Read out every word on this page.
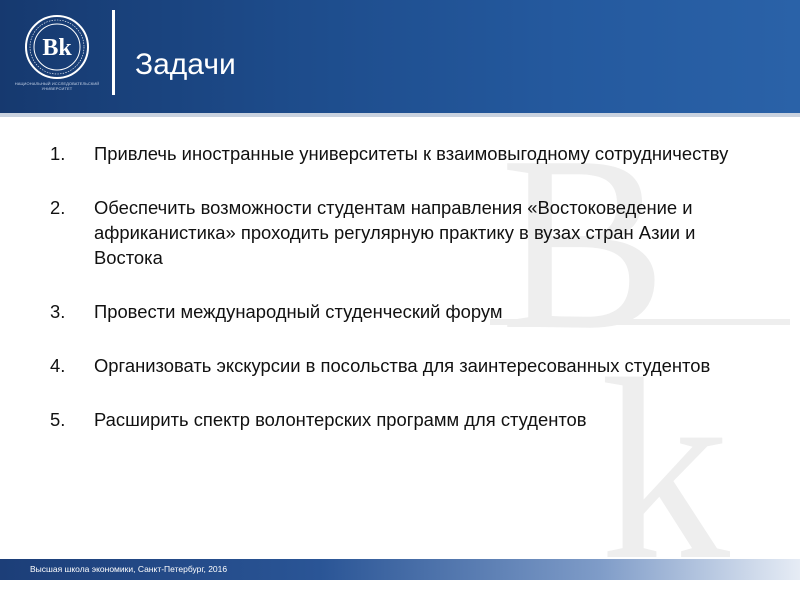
Вk
НАЦИОНАЛЬНЫЙ ИССЛЕДОВАТЕЛЬСКИЙ УНИВЕРСИТЕТ
Задачи
B
k
1. Привлечь иностранные университеты к взаимовыгодному сотрудничеству
2. Обеспечить возможности студентам направления «Востоковедение и африканистика» проходить регулярную практику в вузах стран Азии и Востока
3. Провести международный студенческий форум
4. Организовать экскурсии в посольства для заинтересованных студентов
5. Расширить спектр волонтерских программ для студентов
Высшая школа экономики, Санкт-Петербург, 2016
